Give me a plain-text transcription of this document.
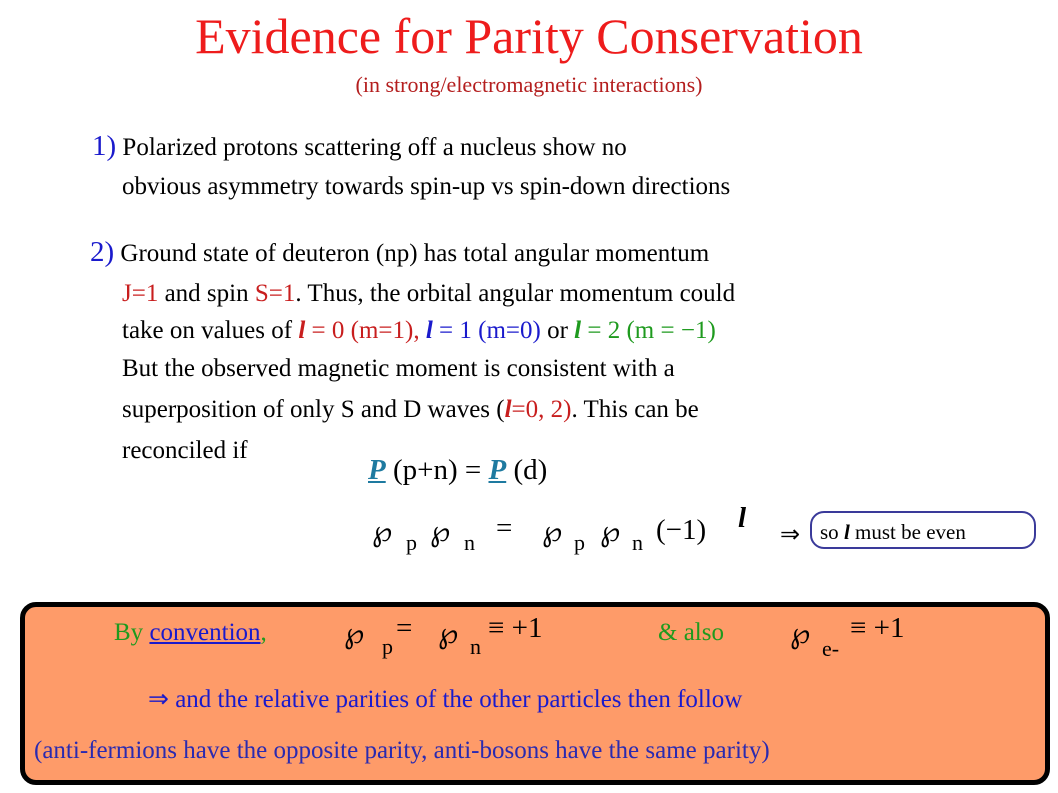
Evidence for Parity Conservation
(in strong/electromagnetic interactions)
1) Polarized protons scattering off a nucleus show no
obvious asymmetry towards spin-up vs spin-down directions
2) Ground state of deuteron (np) has total angular momentum
J=1 and spin S=1. Thus, the orbital angular momentum could
take on values of l = 0 (m=1), l = 1 (m=0) or l = 2 (m = −1)
But the observed magnetic moment is consistent with a
superposition of only S and D waves (l=0, 2). This can be
reconciled if
P (p+n) = P (d)
℘ p ℘ n = ℘ p ℘ n (−1) l
⇒ so l must be even
By convention,	℘ p
= ℘ n
≡ +1	& also ℘ e-
≡ +1
⇒ and the relative parities of the other particles then follow
(anti-fermions have the opposite parity, anti-bosons have the same parity)
